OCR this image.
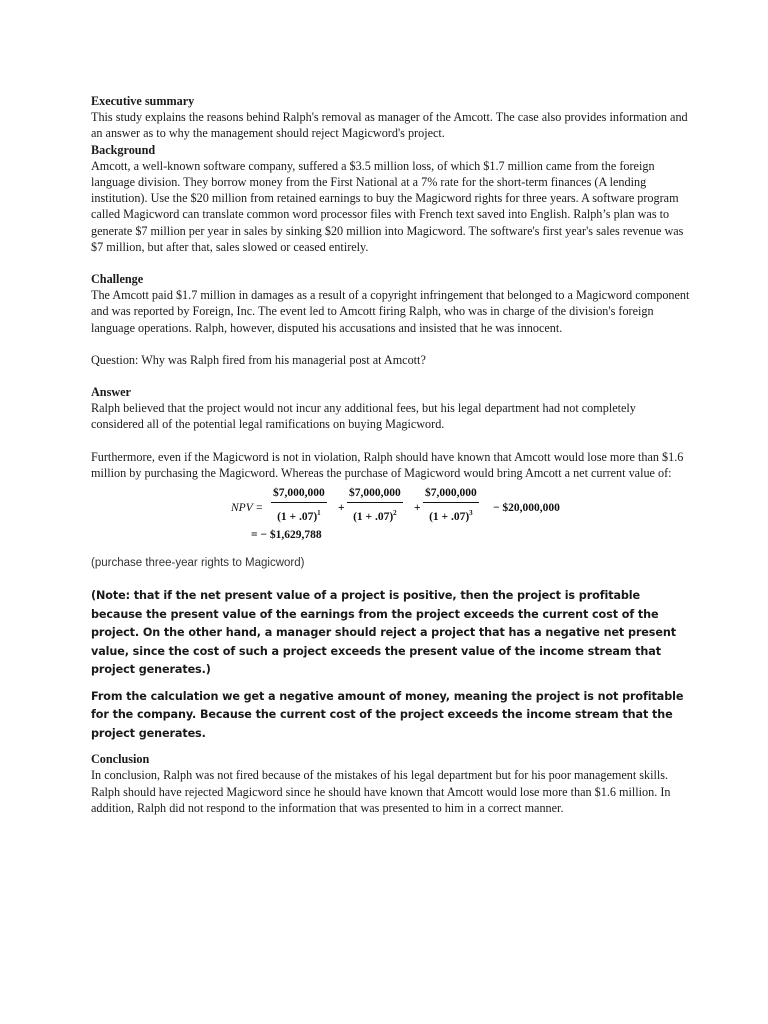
Executive summary

This study explains the reasons behind Ralph's removal as manager of the Amcott. The case also provides information and an answer as to why the management should reject Magicword's project.

Background

Amcott, a well-known software company, suffered a $3.5 million loss, of which $1.7 million came from the foreign language division. They borrow money from the First National at a 7% rate for the short-term finances (A lending institution). Use the $20 million from retained earnings to buy the Magicword rights for three years. A software program called Magicword can translate common word processor files with French text saved into English. Ralph’s plan was to generate $7 million per year in sales by sinking $20 million into Magicword. The software's first year's sales revenue was $7 million, but after that, sales slowed or ceased entirely.

Challenge

The Amcott paid $1.7 million in damages as a result of a copyright infringement that belonged to a Magicword component and was reported by Foreign, Inc. The event led to Amcott firing Ralph, who was in charge of the division's foreign language operations. Ralph, however, disputed his accusations and insisted that he was innocent.

Question: Why was Ralph fired from his managerial post at Amcott?

Answer

Ralph believed that the project would not incur any additional fees, but his legal department had not completely considered all of the potential legal ramifications on buying Magicword.

Furthermore, even if the Magicword is not in violation, Ralph should have known that Amcott would lose more than $1.6 million by purchasing the Magicword. Whereas the purchase of Magicword would bring Amcott a net current value of:

NPV = $\frac{\$7,000,000}{(1 + .07)^1} + \frac{\$7,000,000}{(1 + .07)^2} + \frac{\$7,000,000}{(1 + .07)^3}$ − $20,000,000
= − $1,629,788

(purchase three-year rights to Magicword)

(Note: that if the net present value of a project is positive, then the project is profitable because the present value of the earnings from the project exceeds the current cost of the project. On the other hand, a manager should reject a project that has a negative net present value, since the cost of such a project exceeds the present value of the income stream that project generates.)

From the calculation we get a negative amount of money, meaning the project is not profitable for the company. Because the current cost of the project exceeds the income stream that the project generates.

Conclusion

In conclusion, Ralph was not fired because of the mistakes of his legal department but for his poor management skills. Ralph should have rejected Magicword since he should have known that Amcott would lose more than $1.6 million. In addition, Ralph did not respond to the information that was presented to him in a correct manner.
